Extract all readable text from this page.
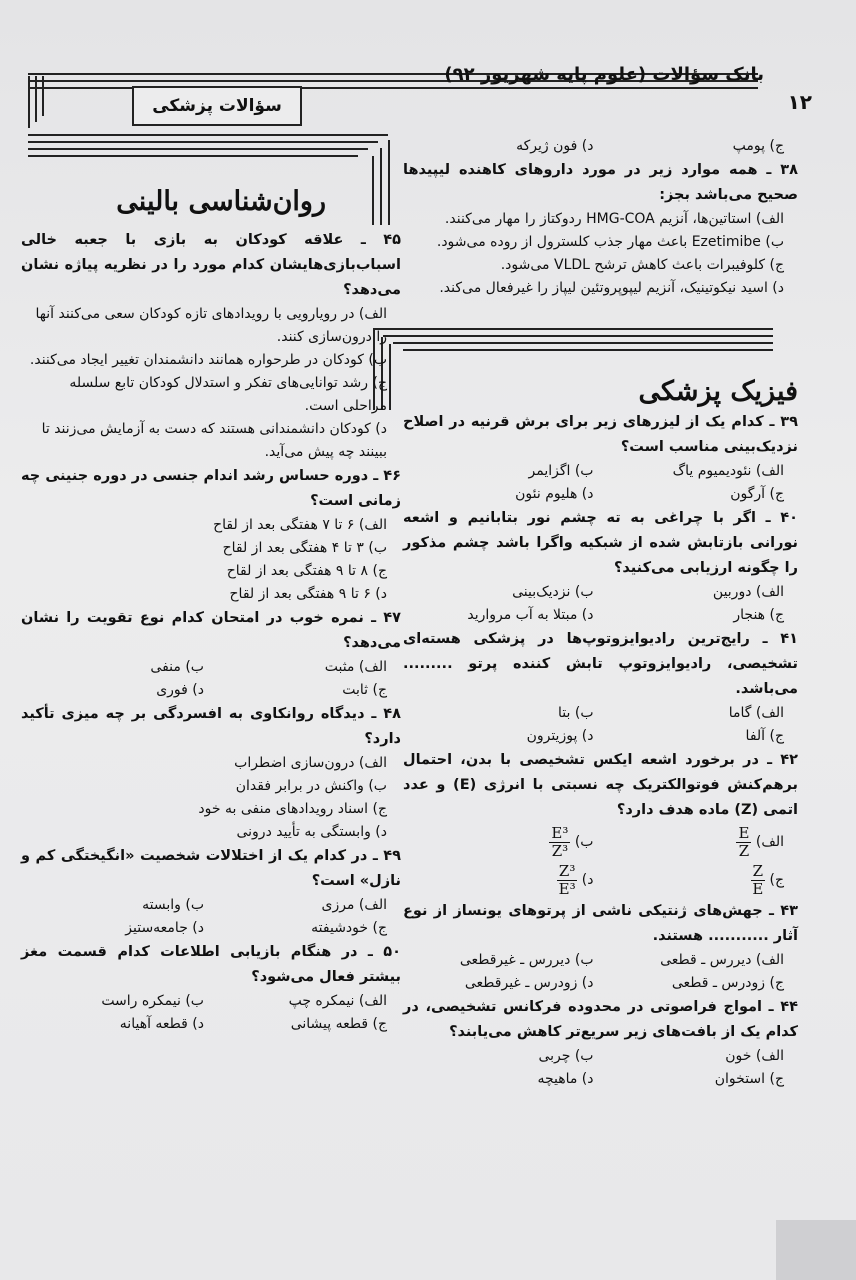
بانک سؤالات (علوم پایه شهریور ۹۲)
۱۲
سؤالات پزشکی
روان‌شناسی بالینی
ج) پومپ
د) فون ژیرکه
۳۸ ـ همه موارد زیر در مورد داروهای کاهنده لیپیدها صحیح می‌باشد بجز:
الف) استاتین‌ها، آنزیم HMG-COA ردوکتاز را مهار می‌کنند.
ب) Ezetimibe باعث مهار جذب کلسترول از روده می‌شود.
ج) کلوفیبرات باعث کاهش ترشح VLDL می‌شود.
د) اسید نیکوتینیک، آنزیم لیپوپروتئین لیپاز را غیرفعال می‌کند.
فیزیک پزشکی
۳۹ ـ کدام یک از لیزرهای زیر برای برش قرنیه در اصلاح نزدیک‌بینی مناسب است؟
الف) نئودیمیوم یاگ
ب) اگزایمر
ج) آرگون
د) هلیوم نئون
۴۰ ـ اگر با چراغی به ته چشم نور بتابانیم و اشعه نورانی بازتابش شده از شبکیه واگرا باشد چشم مذکور را چگونه ارزیابی می‌کنید؟
الف) دوربین
ب) نزدیک‌بینی
ج) هنجار
د) مبتلا به آب مروارید
۴۱ ـ رایج‌ترین رادیوایزوتوپ‌ها در پزشکی هسته‌ای تشخیصی، رادیوایزوتوپ تابش کننده پرتو ......... می‌باشد.
الف) گاما
ب) بتا
ج) آلفا
د) پوزیترون
۴۲ ـ در برخورد اشعه ایکس تشخیصی با بدن، احتمال برهم‌کنش فوتوالکتریک چه نسبتی با انرژی (E) و عدد اتمی (Z) ماده هدف دارد؟
الف)
$\frac{E}{Z}$
ب)
$\frac{\text{E³}}{\text{Z³}}$
ج)
$\frac{Z}{E}$
د)
$\frac{\text{Z³}}{\text{E³}}$
۴۳ ـ جهش‌های ژنتیکی ناشی از پرتوهای یونساز از نوع آثار ........... هستند.
الف) دیررس ـ قطعی
ب) دیررس ـ غیرقطعی
ج) زودرس ـ قطعی
د) زودرس ـ غیرقطعی
۴۴ ـ امواج فراصوتی در محدوده فرکانس تشخیصی، در کدام یک از بافت‌های زیر سریع‌تر کاهش می‌یابند؟
الف) خون
ب) چربی
ج) استخوان
د) ماهیچه
۴۵ ـ علاقه کودکان به بازی با جعبه خالی اسباب‌بازی‌هایشان کدام مورد را در نظریه پیاژه نشان می‌دهد؟
الف) در رویارویی با رویدادهای تازه کودکان سعی می‌کنند آنها را درون‌سازی کنند.
ب) کودکان در طرحواره همانند دانشمندان تغییر ایجاد می‌کنند.
ج) رشد توانایی‌های تفکر و استدلال کودکان تابع سلسله مراحلی است.
د) کودکان دانشمندانی هستند که دست به آزمایش می‌زنند تا ببینند چه پیش می‌آید.
۴۶ ـ دوره حساس رشد اندام جنسی در دوره جنینی چه زمانی است؟
الف) ۶ تا ۷ هفتگی بعد از لقاح
ب) ۳ تا ۴ هفتگی بعد از لقاح
ج) ۸ تا ۹ هفتگی بعد از لقاح
د) ۶ تا ۹ هفتگی بعد از لقاح
۴۷ ـ نمره خوب در امتحان کدام نوع تقویت را نشان می‌دهد؟
الف) مثبت
ب) منفی
ج) ثابت
د) فوری
۴۸ ـ دیدگاه روانکاوی به افسردگی بر چه میزی تأکید دارد؟
الف) درون‌سازی اضطراب
ب) واکنش در برابر فقدان
ج) اسناد رویدادهای منفی به خود
د) وابستگی به تأیید درونی
۴۹ ـ در کدام یک از اختلالات شخصیت «انگیختگی کم و نازل» است؟
الف) مرزی
ب) وابسته
ج) خودشیفته
د) جامعه‌ستیز
۵۰ ـ در هنگام بازیابی اطلاعات کدام قسمت مغز بیشتر فعال می‌شود؟
الف) نیمکره چپ
ب) نیمکره راست
ج) قطعه پیشانی
د) قطعه آهیانه
